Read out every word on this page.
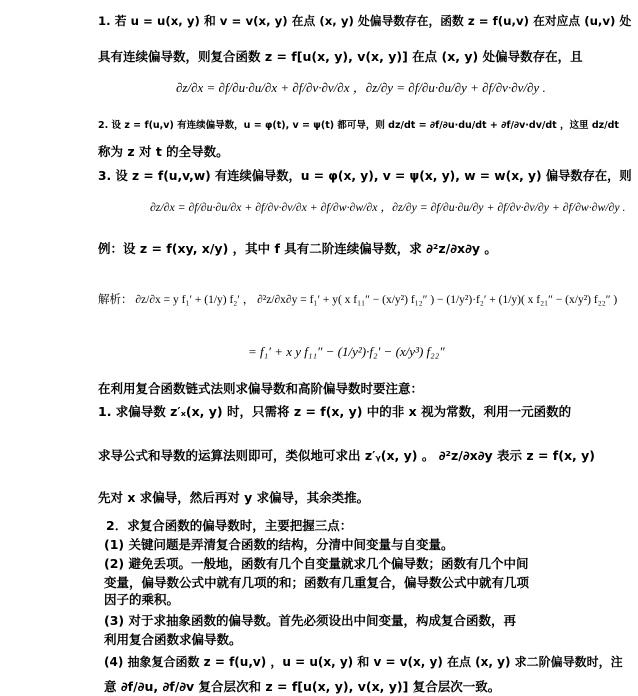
1. 若 u = u(x, y) 和 v = v(x, y) 在点 (x, y) 处偏导数存在，函数 z = f(u,v) 在对应点 (u,v) 处
具有连续偏导数，则复合函数 z = f[u(x, y), v(x, y)] 在点 (x, y) 处偏导数存在，且
∂z/∂x = ∂f/∂u·∂u/∂x + ∂f/∂v·∂v/∂x ，∂z/∂y = ∂f/∂u·∂u/∂y + ∂f/∂v·∂v/∂y .
2. 设 z = f(u,v) 有连续偏导数，u = φ(t), v = ψ(t) 都可导，则 dz/dt = ∂f/∂u·du/dt + ∂f/∂v·dv/dt ，这里 dz/dt
称为 z 对 t 的全导数。
3. 设 z = f(u,v,w) 有连续偏导数，u = φ(x, y), v = ψ(x, y), w = w(x, y) 偏导数存在，则
∂z/∂x = ∂f/∂u·∂u/∂x + ∂f/∂v·∂v/∂x + ∂f/∂w·∂w/∂x ，∂z/∂y = ∂f/∂u·∂u/∂y + ∂f/∂v·∂v/∂y + ∂f/∂w·∂w/∂y .
例：设 z = f(xy, x/y) ，其中 f 具有二阶连续偏导数，求 ∂²z/∂x∂y 。
解析： ∂z/∂x = y f₁′ + (1/y) f₂′ ， ∂²z/∂x∂y = f₁′ + y( x f₁₁″ − (x/y²) f₁₂″ ) − (1/y²)·f₂′ + (1/y)( x f₂₁″ − (x/y²) f₂₂″ )
= f₁′ + x y f₁₁″ − (1/y²)·f₂′ − (x/y³) f₂₂″
在利用复合函数链式法则求偏导数和高阶偏导数时要注意：
1. 求偏导数 z′ₓ(x, y) 时，只需将 z = f(x, y) 中的非 x 视为常数，利用一元函数的
求导公式和导数的运算法则即可，类似地可求出 z′ᵧ(x, y) 。 ∂²z/∂x∂y 表示 z = f(x, y)
先对 x 求偏导，然后再对 y 求偏导，其余类推。
2．求复合函数的偏导数时，主要把握三点：
(1) 关键问题是弄清复合函数的结构，分清中间变量与自变量。
(2) 避免丢项。一般地，函数有几个自变量就求几个偏导数；函数有几个中间
变量，偏导数公式中就有几项的和；函数有几重复合，偏导数公式中就有几项
因子的乘积。
(3) 对于求抽象函数的偏导数。首先必须设出中间变量，构成复合函数，再
利用复合函数求偏导数。
(4) 抽象复合函数 z = f(u,v) ，u = u(x, y) 和 v = v(x, y) 在点 (x, y) 求二阶偏导数时，注
意 ∂f/∂u, ∂f/∂v 复合层次和 z = f[u(x, y), v(x, y)] 复合层次一致。
